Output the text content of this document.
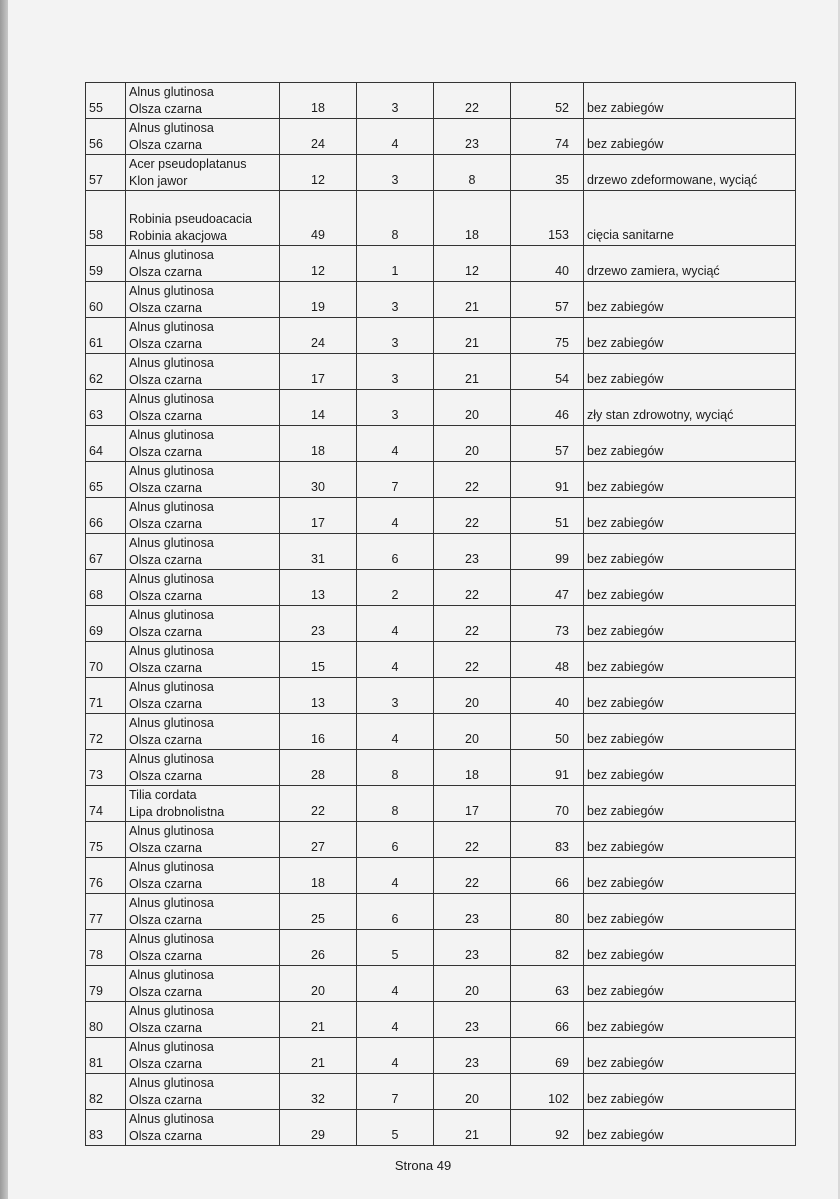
55	Alnus glutinosa
Olsza czarna	18	3	22	52	bez zabiegów
56	Alnus glutinosa
Olsza czarna	24	4	23	74	bez zabiegów
57	Acer pseudoplatanus
Klon jawor	12	3	8	35	drzewo zdeformowane, wyciąć
58	Robinia pseudoacacia
Robinia akacjowa	49	8	18	153	cięcia sanitarne
59	Alnus glutinosa
Olsza czarna	12	1	12	40	drzewo zamiera, wyciąć
60	Alnus glutinosa
Olsza czarna	19	3	21	57	bez zabiegów
61	Alnus glutinosa
Olsza czarna	24	3	21	75	bez zabiegów
62	Alnus glutinosa
Olsza czarna	17	3	21	54	bez zabiegów
63	Alnus glutinosa
Olsza czarna	14	3	20	46	zły stan zdrowotny, wyciąć
64	Alnus glutinosa
Olsza czarna	18	4	20	57	bez zabiegów
65	Alnus glutinosa
Olsza czarna	30	7	22	91	bez zabiegów
66	Alnus glutinosa
Olsza czarna	17	4	22	51	bez zabiegów
67	Alnus glutinosa
Olsza czarna	31	6	23	99	bez zabiegów
68	Alnus glutinosa
Olsza czarna	13	2	22	47	bez zabiegów
69	Alnus glutinosa
Olsza czarna	23	4	22	73	bez zabiegów
70	Alnus glutinosa
Olsza czarna	15	4	22	48	bez zabiegów
71	Alnus glutinosa
Olsza czarna	13	3	20	40	bez zabiegów
72	Alnus glutinosa
Olsza czarna	16	4	20	50	bez zabiegów
73	Alnus glutinosa
Olsza czarna	28	8	18	91	bez zabiegów
74	Tilia cordata
Lipa drobnolistna	22	8	17	70	bez zabiegów
75	Alnus glutinosa
Olsza czarna	27	6	22	83	bez zabiegów
76	Alnus glutinosa
Olsza czarna	18	4	22	66	bez zabiegów
77	Alnus glutinosa
Olsza czarna	25	6	23	80	bez zabiegów
78	Alnus glutinosa
Olsza czarna	26	5	23	82	bez zabiegów
79	Alnus glutinosa
Olsza czarna	20	4	20	63	bez zabiegów
80	Alnus glutinosa
Olsza czarna	21	4	23	66	bez zabiegów
81	Alnus glutinosa
Olsza czarna	21	4	23	69	bez zabiegów
82	Alnus glutinosa
Olsza czarna	32	7	20	102	bez zabiegów
83	Alnus glutinosa
Olsza czarna	29	5	21	92	bez zabiegów
Strona 49
